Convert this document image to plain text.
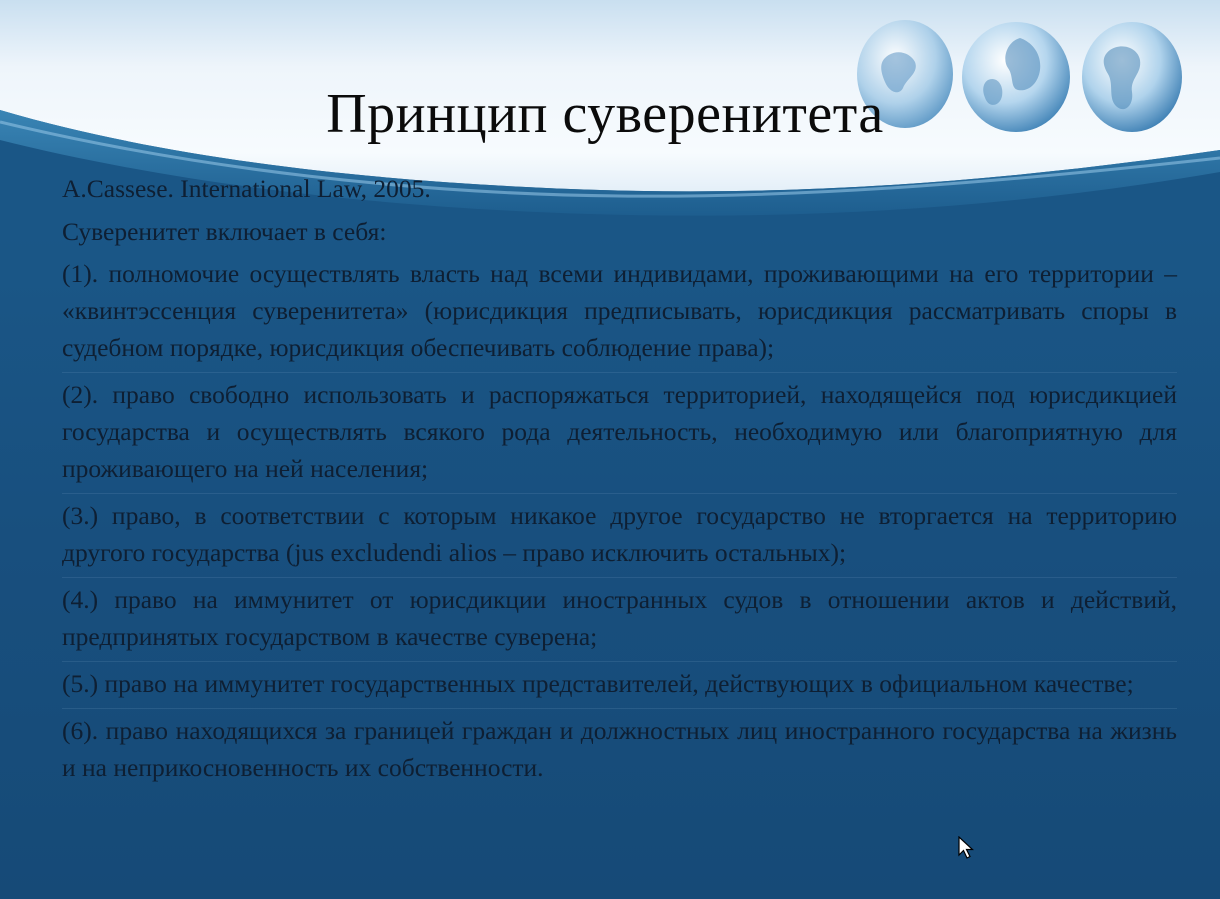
Принцип суверенитета

A.Cassese. International Law, 2005.

Суверенитет включает в себя:

(1). полномочие осуществлять власть над всеми индивидами, проживающими на его территории – «квинтэссенция суверенитета» (юрисдикция предписывать, юрисдикция рассматривать споры в судебном порядке, юрисдикция обеспечивать соблюдение права);

(2). право свободно использовать и распоряжаться территорией, находящейся под юрисдикцией государства и осуществлять всякого рода деятельность, необходимую или благоприятную для проживающего на ней населения;

(3.) право, в соответствии с которым никакое другое государство не вторгается на территорию другого государства (jus excludendi alios – право исключить остальных);

(4.) право на иммунитет от юрисдикции иностранных судов в отношении актов и действий, предпринятых государством в качестве суверена;

(5.) право на иммунитет государственных представителей, действующих в официальном качестве;

(6). право находящихся за границей граждан и должностных лиц иностранного государства на жизнь и на неприкосновенность их собственности.
